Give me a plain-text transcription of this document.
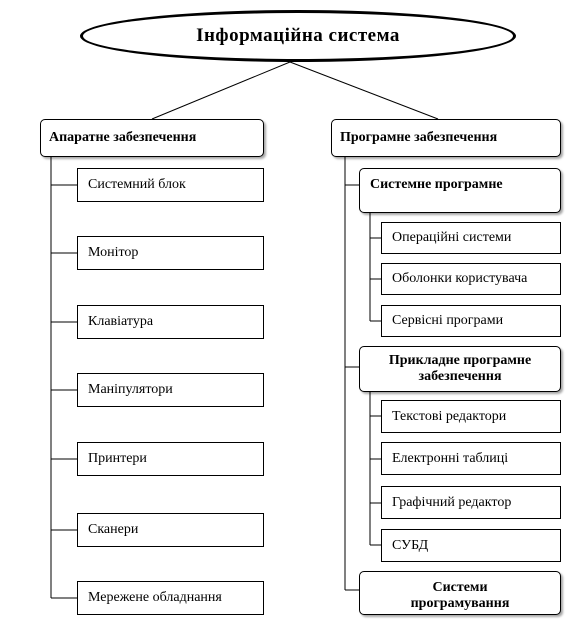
Інформаційна система
Апаратне забезпечення
Системний блок
Монітор
Клавіатура
Маніпулятори
Принтери
Сканери
Мережене обладнання
Програмне забезпечення
Системне програмне
Операційні системи
Оболонки користувача
Сервісні програми
Прикладне програмне
забезпечення
Текстові редактори
Електронні таблиці
Графічний редактор
СУБД
Системи
програмування
